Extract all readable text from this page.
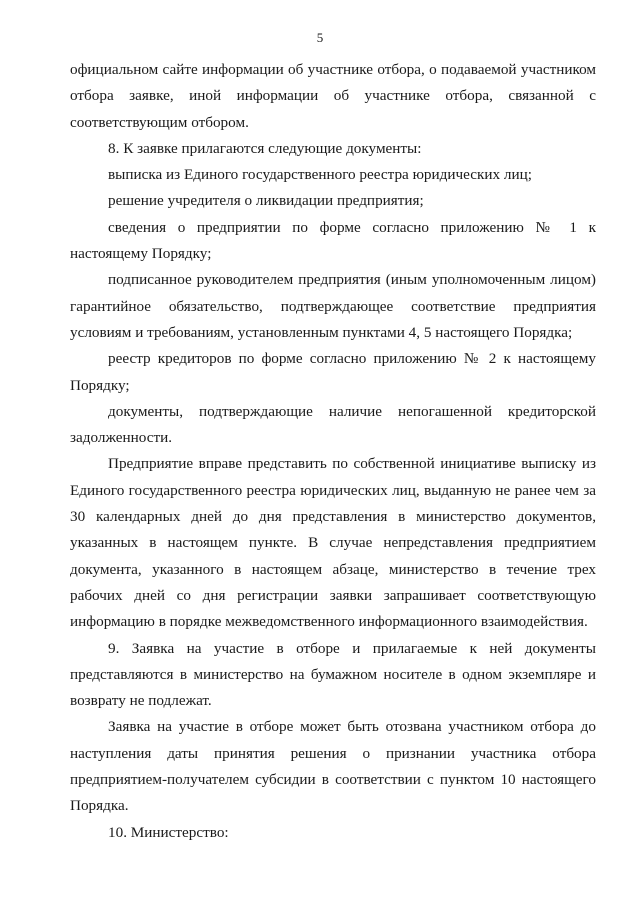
5

официальном сайте информации об участнике отбора, о подаваемой участником отбора заявке, иной информации об участнике отбора, связанной с соответствующим отбором.

8. К заявке прилагаются следующие документы:

выписка из Единого государственного реестра юридических лиц;

решение учредителя о ликвидации предприятия;

сведения о предприятии по форме согласно приложению № 1 к настоящему Порядку;

подписанное руководителем предприятия (иным уполномоченным лицом) гарантийное обязательство, подтверждающее соответствие предприятия условиям и требованиям, установленным пунктами 4, 5 настоящего Порядка;

реестр кредиторов по форме согласно приложению № 2 к настоящему Порядку;

документы, подтверждающие наличие непогашенной кредиторской задолженности.

Предприятие вправе представить по собственной инициативе выписку из Единого государственного реестра юридических лиц, выданную не ранее чем за 30 календарных дней до дня представления в министерство документов, указанных в настоящем пункте. В случае непредставления предприятием документа, указанного в настоящем абзаце, министерство в течение трех рабочих дней со дня регистрации заявки запрашивает соответствующую информацию в порядке межведомственного информационного взаимодействия.

9. Заявка на участие в отборе и прилагаемые к ней документы представляются в министерство на бумажном носителе в одном экземпляре и возврату не подлежат.

Заявка на участие в отборе может быть отозвана участником отбора до наступления даты принятия решения о признании участника отбора предприятием-получателем субсидии в соответствии с пунктом 10 настоящего Порядка.

10. Министерство:
